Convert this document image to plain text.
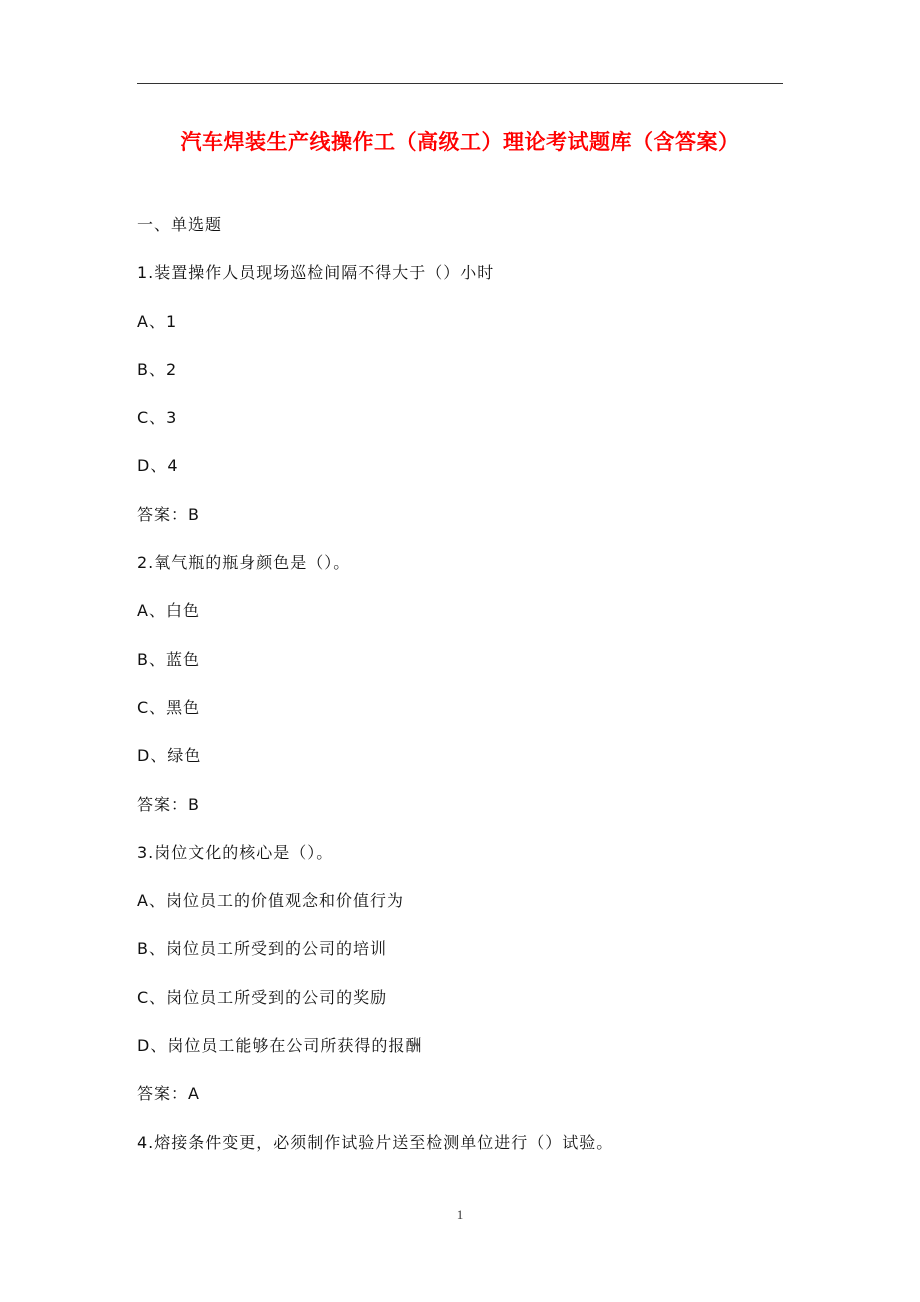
汽车焊装生产线操作工（高级工）理论考试题库（含答案）
一、单选题
1.装置操作人员现场巡检间隔不得大于（）小时
A、1
B、2
C、3
D、4
答案：B
2.氧气瓶的瓶身颜色是（）。
A、白色
B、蓝色
C、黑色
D、绿色
答案：B
3.岗位文化的核心是（）。
A、岗位员工的价值观念和价值行为
B、岗位员工所受到的公司的培训
C、岗位员工所受到的公司的奖励
D、岗位员工能够在公司所获得的报酬
答案：A
4.熔接条件变更，必须制作试验片送至检测单位进行（）试验。
1
